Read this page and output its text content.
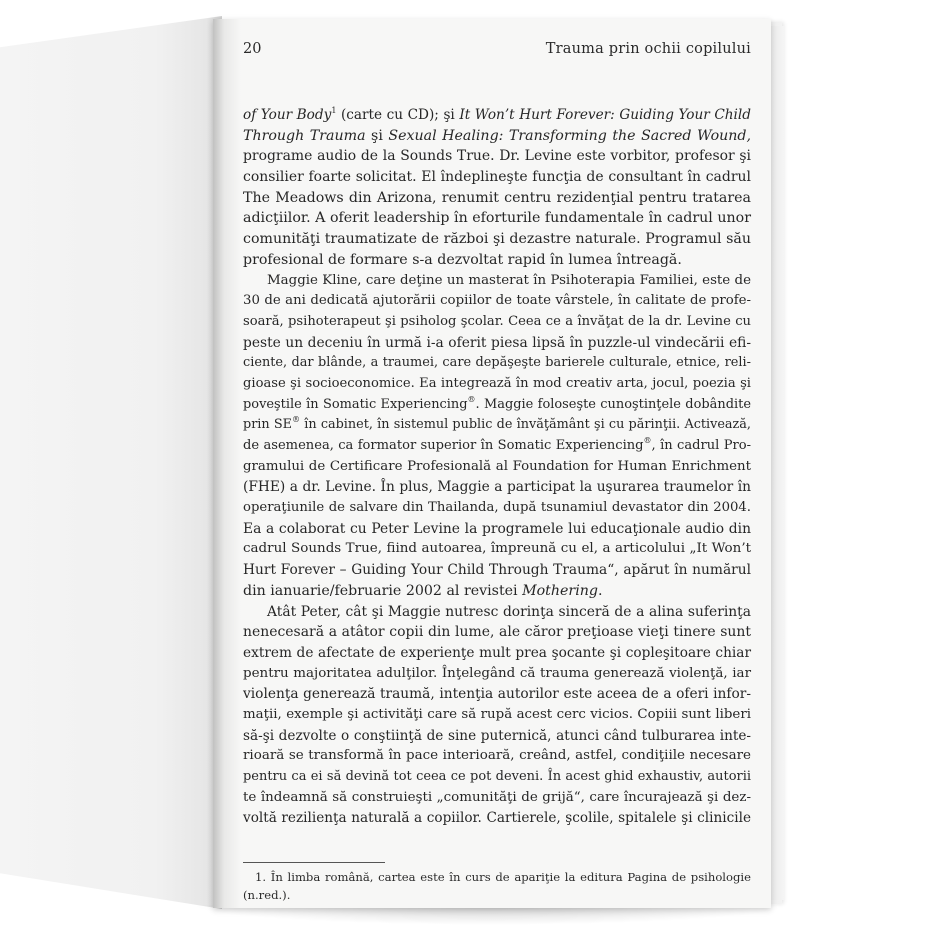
20	Trauma prin ochii copilului
of Your Body$^1$ (carte cu CD); şi It Won’t Hurt Forever: Guiding Your Child
Through Trauma şi Sexual Healing: Transforming the Sacred Wound,
programe audio de la Sounds True. Dr. Levine este vorbitor, profesor şi
consilier foarte solicitat. El îndeplineşte funcţia de consultant în cadrul
The Meadows din Arizona, renumit centru rezidenţial pentru tratarea
adicţiilor. A oferit leadership în eforturile fundamentale în cadrul unor
comunităţi traumatizate de război şi dezastre naturale. Programul său
profesional de formare s-a dezvoltat rapid în lumea întreagă.
Maggie Kline, care deţine un masterat în Psihoterapia Familiei, este de
30 de ani dedicată ajutorării copiilor de toate vârstele, în calitate de profe-
soară, psihoterapeut şi psiholog şcolar. Ceea ce a învăţat de la dr. Levine cu
peste un deceniu în urmă i-a oferit piesa lipsă în puzzle-ul vindecării efi-
ciente, dar blânde, a traumei, care depăşeşte barierele culturale, etnice, reli-
gioase şi socioeconomice. Ea integrează în mod creativ arta, jocul, poezia şi
poveştile în Somatic Experiencing®. Maggie foloseşte cunoştinţele dobândite
prin SE® în cabinet, în sistemul public de învăţământ şi cu părinţii. Activează,
de asemenea, ca formator superior în Somatic Experiencing®, în cadrul Pro-
gramului de Certificare Profesională al Foundation for Human Enrichment
(FHE) a dr. Levine. În plus, Maggie a participat la uşurarea traumelor în
operaţiunile de salvare din Thailanda, după tsunamiul devastator din 2004.
Ea a colaborat cu Peter Levine la programele lui educaţionale audio din
cadrul Sounds True, fiind autoarea, împreună cu el, a articolului „It Won’t
Hurt Forever – Guiding Your Child Through Trauma“, apărut în numărul
din ianuarie/februarie 2002 al revistei Mothering.
Atât Peter, cât şi Maggie nutresc dorinţa sinceră de a alina suferinţa
nenecesară a atâtor copii din lume, ale căror preţioase vieţi tinere sunt
extrem de afectate de experienţe mult prea şocante şi copleşitoare chiar
pentru majoritatea adulţilor. Înţelegând că trauma generează violenţă, iar
violenţa generează traumă, intenţia autorilor este aceea de a oferi infor-
maţii, exemple şi activităţi care să rupă acest cerc vicios. Copiii sunt liberi
să-şi dezvolte o conştiinţă de sine puternică, atunci când tulburarea inte-
rioară se transformă în pace interioară, creând, astfel, condiţiile necesare
pentru ca ei să devină tot ceea ce pot deveni. În acest ghid exhaustiv, autorii
te îndeamnă să construieşti „comunităţi de grijă“, care încurajează şi dez-
voltă rezilienţa naturală a copiilor. Cartierele, şcolile, spitalele şi clinicile
1. În limba română, cartea este în curs de apariţie la editura Pagina de psihologie
(n.red.).
